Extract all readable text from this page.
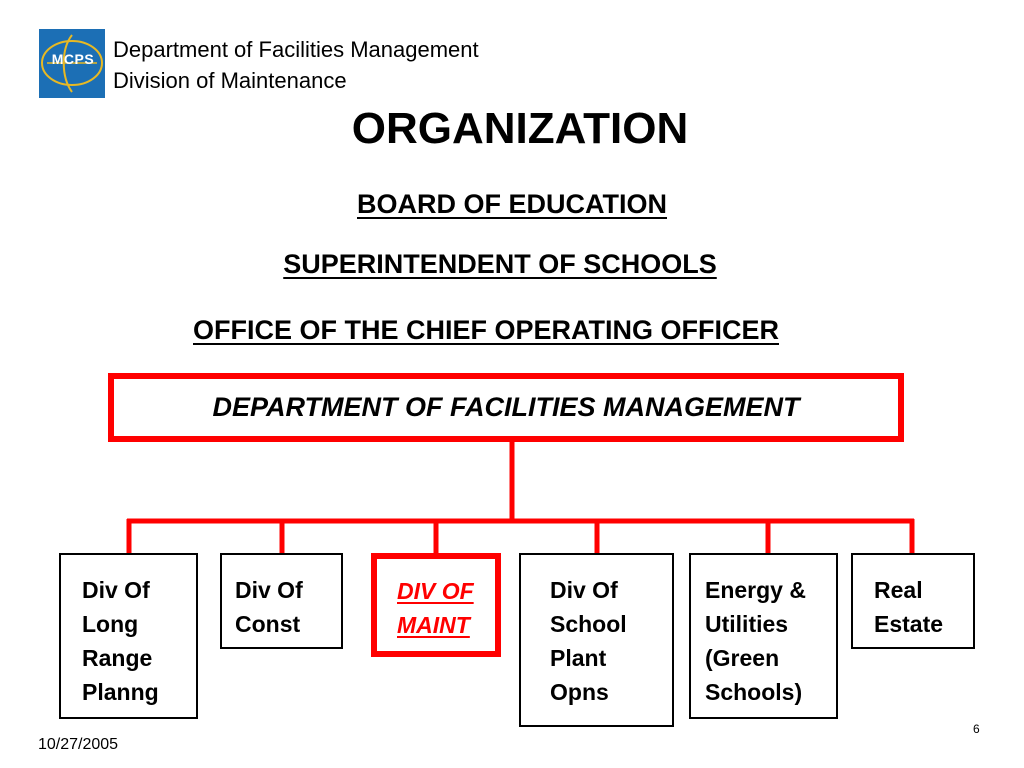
MCPS Department of Facilities Management
Division of Maintenance
ORGANIZATION
BOARD OF EDUCATION
SUPERINTENDENT OF SCHOOLS
OFFICE OF THE CHIEF OPERATING OFFICER
DEPARTMENT OF FACILITIES MANAGEMENT
Div Of
Long
Range
Planng
Div Of
Const
DIV OF
MAINT
Div Of
School
Plant
Opns
Energy &
Utilities
(Green
Schools)
Real
Estate
10/27/2005
6
